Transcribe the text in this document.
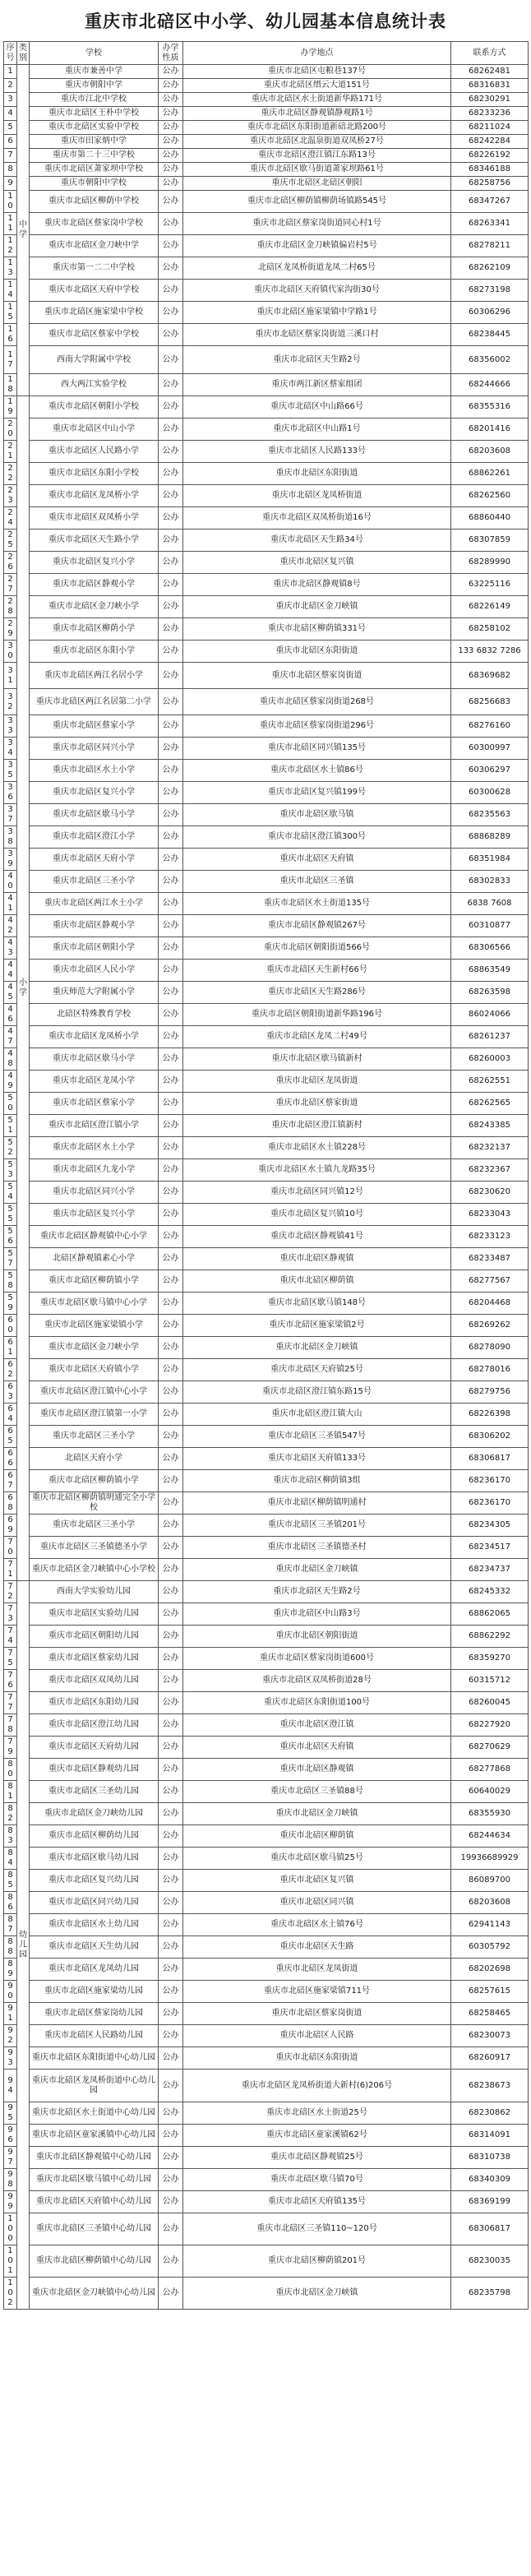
重庆市北碚区中小学、幼儿园基本信息统计表
序号	类别	学校	办学性质	办学地点	联系方式
1	中学	重庆市兼善中学	公办	重庆市北碚区屯粮巷137号	68262481
2		重庆市朝阳中学	公办	重庆市北碚区缙云大道151号	68316831
3		重庆市江北中学校	公办	重庆市北碚区水土街道新华路171号	68230291
4		重庆市北碚区王朴中学校	公办	重庆市北碚区静观镇静观路1号	68233236
5		重庆市北碚区实验中学校	公办	重庆市北碚区东阳街道新碚北路200号	68211024
6		重庆市田家炳中学	公办	重庆市北碚区北温泉街道双凤桥27号	68242284
7		重庆市第二十三中学校	公办	重庆市北碚区澄江镇江东路13号	68226192
8		重庆市北碚区萧家坝中学校	公办	重庆市北碚区歇马街道萧家坝路61号	68346188
9		重庆市朝阳中学校	公办	重庆市北碚区北碚区朝阳	68258756
10		重庆市北碚区柳荫中学校	公办	重庆市北碚区柳荫镇柳荫场镇路545号	68347267
11		重庆市北碚区蔡家岗中学校	公办	重庆市北碚区蔡家岗街道同心村1号	68263341
12		重庆市北碚区金刀峡中学	公办	重庆市北碚区金刀峡镇偏岩村5号	68278211
13		重庆市第一二二中学校	公办	北碚区龙凤桥街道龙凤二村65号	68262109
14		重庆市北碚区天府中学校	公办	重庆市北碚区天府镇代家沟街30号	68273198
15		重庆市北碚区施家梁中学校	公办	重庆市北碚区施家梁镇中学路1号	60306296
16		重庆市北碚区蔡家中学校	公办	重庆市北碚区蔡家岗街道三溪口村	68238445
17		西南大学附属中学校	公办	重庆市北碚区天生路2号	68356002
18		西大两江实验学校	公办	重庆市两江新区蔡家组团	68244666
19	小学	重庆市北碚区朝阳小学校	公办	重庆市北碚区中山路66号	68355316
20		重庆市北碚区中山小学	公办	重庆市北碚区中山路1号	68201416
21		重庆市北碚区人民路小学	公办	重庆市北碚区人民路133号	68203608
22		重庆市北碚区东阳小学校	公办	重庆市北碚区东阳街道	68862261
23		重庆市北碚区龙凤桥小学	公办	重庆市北碚区龙凤桥街道	68262560
24		重庆市北碚区双凤桥小学	公办	重庆市北碚区双凤桥街道16号	68860440
25		重庆市北碚区天生路小学	公办	重庆市北碚区天生路34号	68307859
26		重庆市北碚区复兴小学	公办	重庆市北碚区复兴镇	68289990
27		重庆市北碚区静观小学	公办	重庆市北碚区静观镇8号	63225116
28		重庆市北碚区金刀峡小学	公办	重庆市北碚区金刀峡镇	68226149
29		重庆市北碚区柳荫小学	公办	重庆市北碚区柳荫镇331号	68258102
30		重庆市北碚区东阳小学	公办	重庆市北碚区东阳街道	133 6832 7286
31		重庆市北碚区两江名居小学	公办	重庆市北碚区蔡家岗街道	68369682
32		重庆市北碚区两江名居第二小学	公办	重庆市北碚区蔡家岗街道268号	68256683
33		重庆市北碚区蔡家小学	公办	重庆市北碚区蔡家岗街道296号	68276160
34		重庆市北碚区同兴小学	公办	重庆市北碚区同兴镇135号	60300997
35		重庆市北碚区水土小学	公办	重庆市北碚区水土镇86号	60306297
36		重庆市北碚区复兴小学	公办	重庆市北碚区复兴镇199号	60300628
37		重庆市北碚区歇马小学	公办	重庆市北碚区歇马镇	68235563
38		重庆市北碚区澄江小学	公办	重庆市北碚区澄江镇300号	68868289
39		重庆市北碚区天府小学	公办	重庆市北碚区天府镇	68351984
40		重庆市北碚区三圣小学	公办	重庆市北碚区三圣镇	68302833
41		重庆市北碚区两江水土小学	公办	重庆市北碚区水土街道135号	6838 7608
42		重庆市北碚区静观小学	公办	重庆市北碚区静观镇267号	60310877
43		重庆市北碚区朝阳小学	公办	重庆市北碚区朝阳街道566号	68306566
44		重庆市北碚区人民小学	公办	重庆市北碚区天生新村66号	68863549
45		重庆师范大学附属小学	公办	重庆市北碚区天生路286号	68263598
46		北碚区特殊教育学校	公办	重庆市北碚区朝阳街道新华路196号	86024066
47		重庆市北碚区龙凤桥小学	公办	重庆市北碚区龙凤二村49号	68261237
48		重庆市北碚区歇马小学	公办	重庆市北碚区歇马镇新村	68260003
49		重庆市北碚区龙凤小学	公办	重庆市北碚区龙凤街道	68262551
50		重庆市北碚区蔡家小学	公办	重庆市北碚区蔡家街道	68262565
51		重庆市北碚区澄江镇小学	公办	重庆市北碚区澄江镇新村	68243385
52		重庆市北碚区水土小学	公办	重庆市北碚区水土镇228号	68232137
53		重庆市北碚区九龙小学	公办	重庆市北碚区水土镇九龙路35号	68232367
54		重庆市北碚区同兴小学	公办	重庆市北碚区同兴镇12号	68230620
55		重庆市北碚区复兴小学	公办	重庆市北碚区复兴镇10号	68233043
56		重庆市北碚区静观镇中心小学	公办	重庆市北碚区静观镇41号	68233123
57		北碚区静观镇素心小学	公办	重庆市北碚区静观镇	68233487
58		重庆市北碚区柳荫镇小学	公办	重庆市北碚区柳荫镇	68277567
59		重庆市北碚区歇马镇中心小学	公办	重庆市北碚区歇马镇148号	68204468
60		重庆市北碚区施家梁镇小学	公办	重庆市北碚区施家梁镇2号	68269262
61		重庆市北碚区金刀峡小学	公办	重庆市北碚区金刀峡镇	68278090
62		重庆市北碚区天府镇小学	公办	重庆市北碚区天府镇25号	68278016
63		重庆市北碚区澄江镇中心小学	公办	重庆市北碚区澄江镇东路15号	68279756
64		重庆市北碚区澄江镇第一小学	公办	重庆市北碚区澄江镇大山	68226398
65		重庆市北碚区三圣小学	公办	重庆市北碚区三圣镇547号	68306202
66		北碚区天府小学	公办	重庆市北碚区天府镇133号	68306817
67		重庆市北碚区柳荫镇小学	公办	重庆市北碚区柳荫镇3组	68236170
68		重庆市北碚区柳荫镇明通完全小学校	公办	重庆市北碚区柳荫镇明通村	68236170
69		重庆市北碚区三圣小学	公办	重庆市北碚区三圣镇201号	68234305
70		重庆市北碚区三圣镇德圣小学	公办	重庆市北碚区三圣镇德圣村	68234517
71		重庆市北碚区金刀峡镇中心小学校	公办	重庆市北碚区金刀峡镇	68234737
72	幼儿园	西南大学实验幼儿园	公办	重庆市北碚区天生路2号	68245332
73		重庆市北碚区实验幼儿园	公办	重庆市北碚区中山路3号	68862065
74		重庆市北碚区朝阳幼儿园	公办	重庆市北碚区朝阳街道	68862292
75		重庆市北碚区蔡家幼儿园	公办	重庆市北碚区蔡家岗街道600号	68359270
76		重庆市北碚区双凤幼儿园	公办	重庆市北碚区双凤桥街道28号	60315712
77		重庆市北碚区东阳幼儿园	公办	重庆市北碚区东阳街道100号	68260045
78		重庆市北碚区澄江幼儿园	公办	重庆市北碚区澄江镇	68227920
79		重庆市北碚区天府幼儿园	公办	重庆市北碚区天府镇	68270629
80		重庆市北碚区静观幼儿园	公办	重庆市北碚区静观镇	68277868
81		重庆市北碚区三圣幼儿园	公办	重庆市北碚区三圣镇88号	60640029
82		重庆市北碚区金刀峡幼儿园	公办	重庆市北碚区金刀峡镇	68355930
83		重庆市北碚区柳荫幼儿园	公办	重庆市北碚区柳荫镇	68244634
84		重庆市北碚区歇马幼儿园	公办	重庆市北碚区歇马镇25号	19936689929
85		重庆市北碚区复兴幼儿园	公办	重庆市北碚区复兴镇	86089700
86		重庆市北碚区同兴幼儿园	公办	重庆市北碚区同兴镇	68203608
87		重庆市北碚区水土幼儿园	公办	重庆市北碚区水土镇76号	62941143
88		重庆市北碚区天生幼儿园	公办	重庆市北碚区天生路	60305792
89		重庆市北碚区龙凤幼儿园	公办	重庆市北碚区龙凤街道	68202698
90		重庆市北碚区施家梁幼儿园	公办	重庆市北碚区施家梁镇711号	68257615
91		重庆市北碚区蔡家岗幼儿园	公办	重庆市北碚区蔡家岗街道	68258465
92		重庆市北碚区人民路幼儿园	公办	重庆市北碚区人民路	68230073
93		重庆市北碚区东阳街道中心幼儿园	公办	重庆市北碚区东阳街道	68260917
94		重庆市北碚区龙凤桥街道中心幼儿园	公办	重庆市北碚区龙凤桥街道大新村(6)206号	68238673
95		重庆市北碚区水土街道中心幼儿园	公办	重庆市北碚区水土街道25号	68230862
96		重庆市北碚区童家溪镇中心幼儿园	公办	重庆市北碚区童家溪镇62号	68314091
97		重庆市北碚区静观镇中心幼儿园	公办	重庆市北碚区静观镇25号	68310738
98		重庆市北碚区歇马镇中心幼儿园	公办	重庆市北碚区歇马镇70号	68340309
99		重庆市北碚区天府镇中心幼儿园	公办	重庆市北碚区天府镇135号	68369199
100		重庆市北碚区三圣镇中心幼儿园	公办	重庆市北碚区三圣镇110~120号	68306817
101		重庆市北碚区柳荫镇中心幼儿园	公办	重庆市北碚区柳荫镇201号	68230035
102		重庆市北碚区金刀峡镇中心幼儿园	公办	重庆市北碚区金刀峡镇	68235798
